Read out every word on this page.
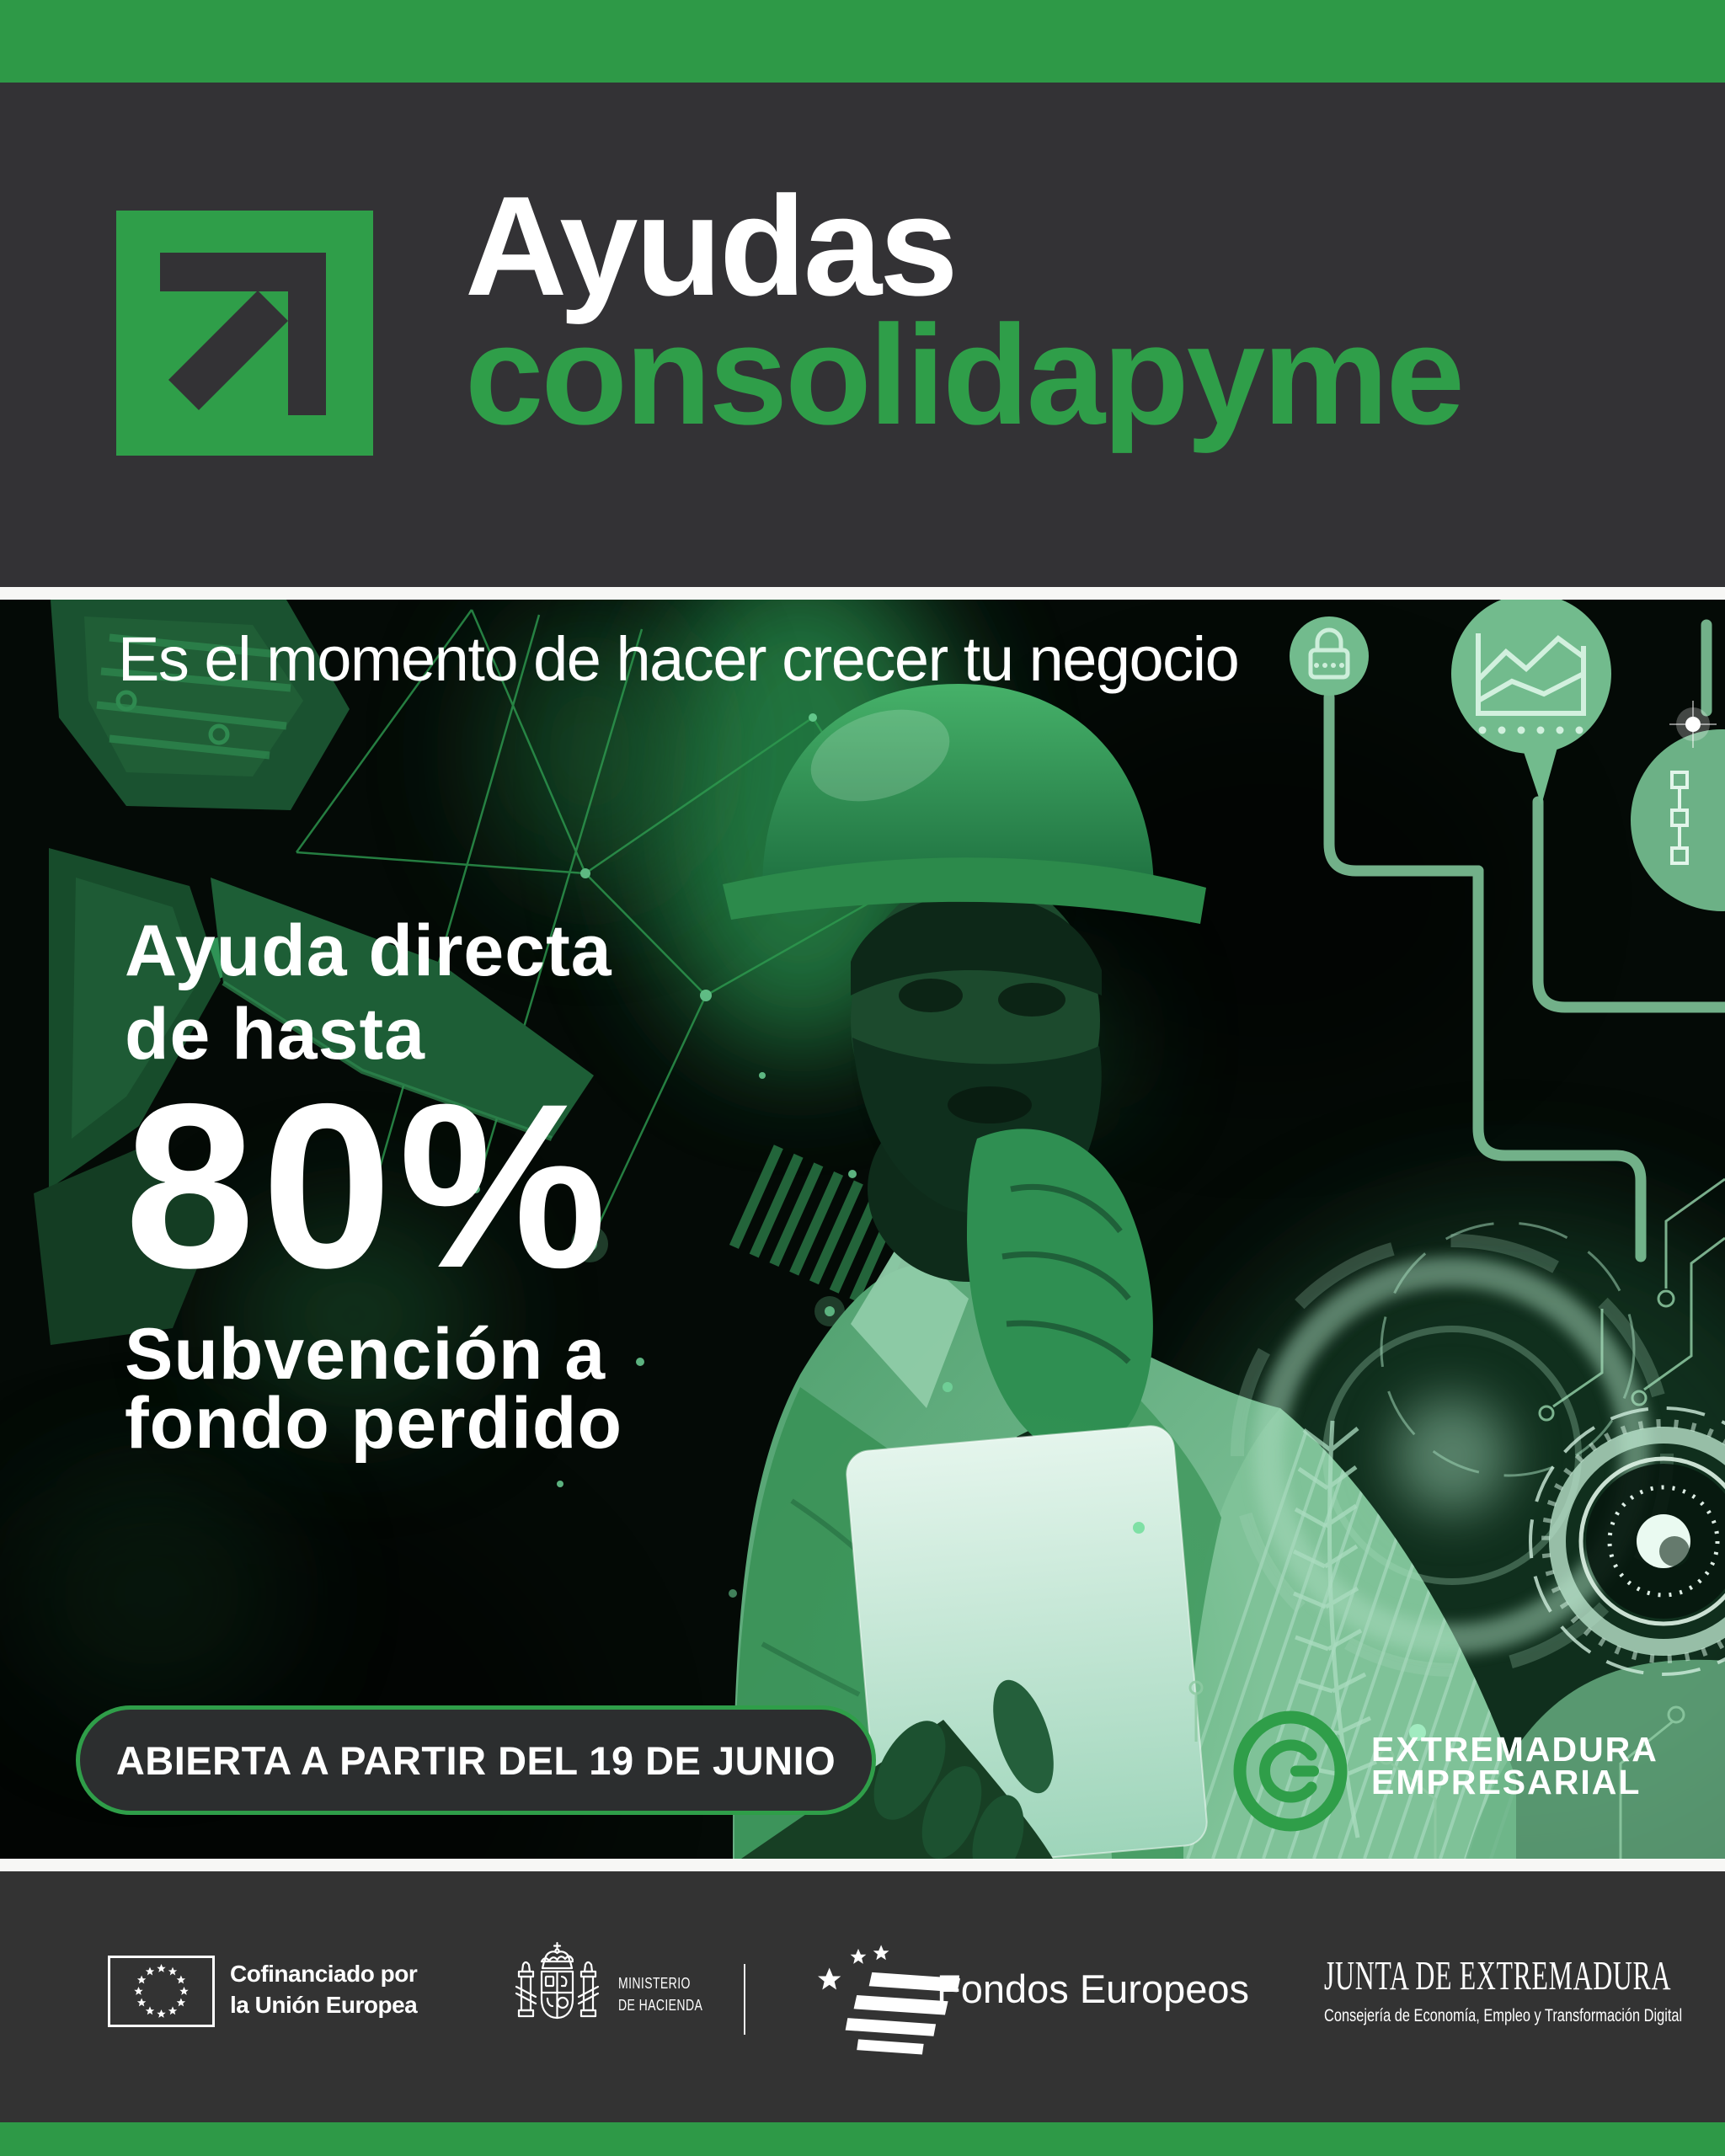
Ayudas
consolidapyme
Es el momento de hacer crecer tu negocio
Ayuda directa
de hasta
80%
Subvención a
fondo perdido
ABIERTA A PARTIR DEL 19 DE JUNIO	EXTREMADURA
EMPRESARIAL
Cofinanciado por
la Unión Europea
MINISTERIO
DE HACIENDA	Fondos Europeos JUNTA DE EXTREMADURA
Consejería de Economía, Empleo y Transformación Digital
